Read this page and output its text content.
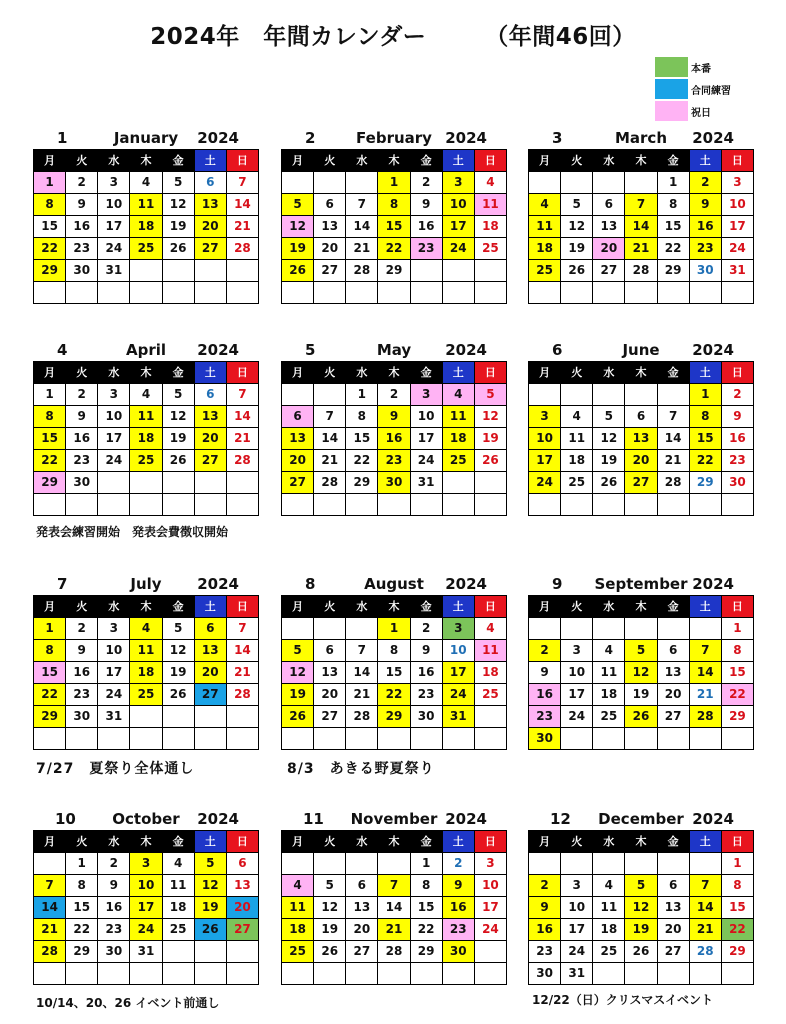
2024年　年間カレンダー　　　（年間46回）
本番
合同練習
祝日
1	January	2024
月	火	水	木	金	土	日
1	2	3	4	5	6	7
8	9	10	11	12	13	14
15	16	17	18	19	20	21
22	23	24	25	26	27	28
29	30	31				

2	February 2024
月	火	水	木	金	土	日
			1	2	3	4
5	6	7	8	9	10	11
12	13	14	15	16	17	18
19	20	21	22	23	24	25
26	27	28	29			

3	March	2024
月	火	水	木	金	土	日
				1	2	3
4	5	6	7	8	9	10
11	12	13	14	15	16	17
18	19	20	21	22	23	24
25	26	27	28	29	30	31

4	April	2024
月	火	水	木	金	土	日
1	2	3	4	5	6	7
8	9	10	11	12	13	14
15	16	17	18	19	20	21
22	23	24	25	26	27	28
29	30					

5	May	2024
月	火	水	木	金	土	日
		1	2	3	4	5
6	7	8	9	10	11	12
13	14	15	16	17	18	19
20	21	22	23	24	25	26
27	28	29	30	31		

6	June	2024
月	火	水	木	金	土	日
					1	2
3	4	5	6	7	8	9
10	11	12	13	14	15	16
17	18	19	20	21	22	23
24	25	26	27	28	29	30

7	July	2024
月	火	水	木	金	土	日
1	2	3	4	5	6	7
8	9	10	11	12	13	14
15	16	17	18	19	20	21
22	23	24	25	26	27	28
29	30	31				

8	August	2024
月	火	水	木	金	土	日
			1	2	3	4
5	6	7	8	9	10	11
12	13	14	15	16	17	18
19	20	21	22	23	24	25
26	27	28	29	30	31	

9	September 2024
月	火	水	木	金	土	日
						1
2	3	4	5	6	7	8
9	10	11	12	13	14	15
16	17	18	19	20	21	22
23	24	25	26	27	28	29
30						
10	October	2024
月	火	水	木	金	土	日
	1	2	3	4	5	6
7	8	9	10	11	12	13
14	15	16	17	18	19	20
21	22	23	24	25	26	27
28	29	30	31			

11	November 2024
月	火	水	木	金	土	日
				1	2	3
4	5	6	7	8	9	10
11	12	13	14	15	16	17
18	19	20	21	22	23	24
25	26	27	28	29	30	

12	December 2024
月	火	水	木	金	土	日
						1
2	3	4	5	6	7	8
9	10	11	12	13	14	15
16	17	18	19	20	21	22
23	24	25	26	27	28	29
30	31					
発表会練習開始　発表会費徴収開始
7/27　夏祭り全体通し	8/3　あきる野夏祭り
10/14、20、26 イベント前通し	12/22（日）クリスマスイベント
